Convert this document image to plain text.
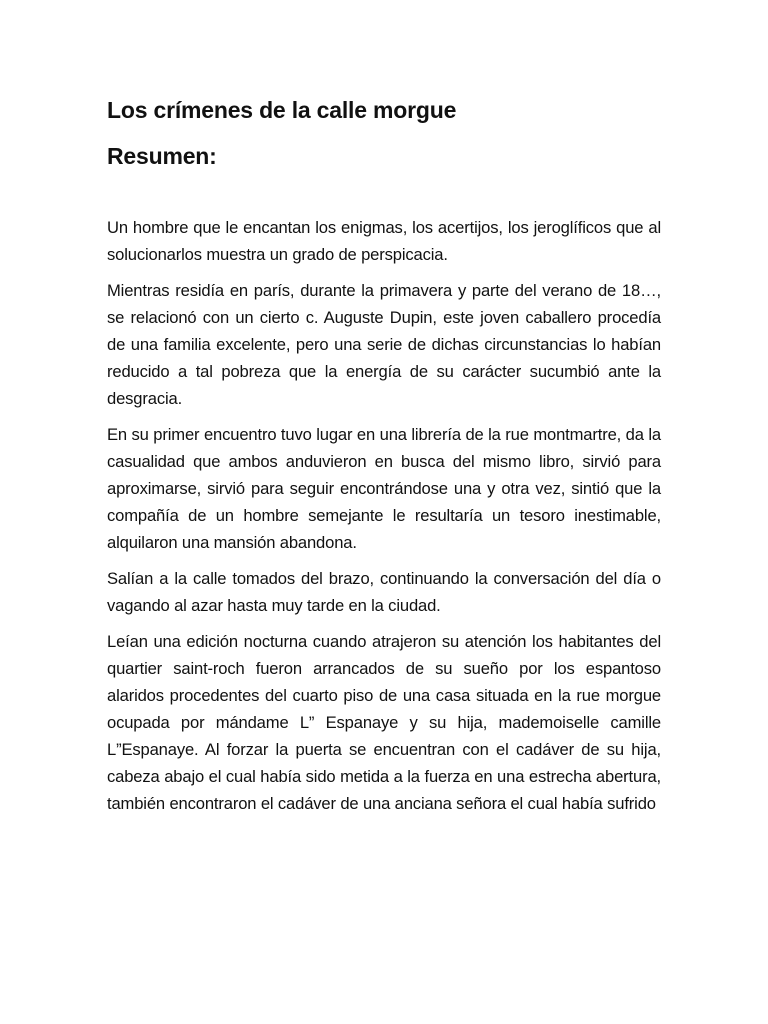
Los crímenes de la calle morgue
Resumen:

Un hombre que le encantan los enigmas, los acertijos, los jeroglíficos que al solucionarlos muestra un grado de perspicacia.

Mientras residía en parís, durante la primavera y parte del verano de 18…, se relacionó con un cierto c. Auguste Dupin, este joven caballero procedía de una familia excelente, pero una serie de dichas circunstancias lo habían reducido a tal pobreza que la energía de su carácter sucumbió ante la desgracia.

En su primer encuentro tuvo lugar en una librería de la rue montmartre, da la casualidad que ambos anduvieron en busca del mismo libro, sirvió para aproximarse, sirvió para seguir encontrándose una y otra vez, sintió que la compañía de un hombre semejante le resultaría un tesoro inestimable, alquilaron una mansión abandona.

Salían a la calle tomados del brazo, continuando la conversación del día o vagando al azar hasta muy tarde en la ciudad.

Leían una edición nocturna cuando atrajeron su atención los habitantes del quartier saint-roch fueron arrancados de su sueño por los espantoso alaridos procedentes del cuarto piso de una casa situada en la rue morgue ocupada por mándame L” Espanaye y su hija, mademoiselle camille L”Espanaye. Al forzar la puerta se encuentran con el cadáver de su hija, cabeza abajo el cual había sido metida a la fuerza en una estrecha abertura, también encontraron el cadáver de una anciana señora el cual había sufrido
